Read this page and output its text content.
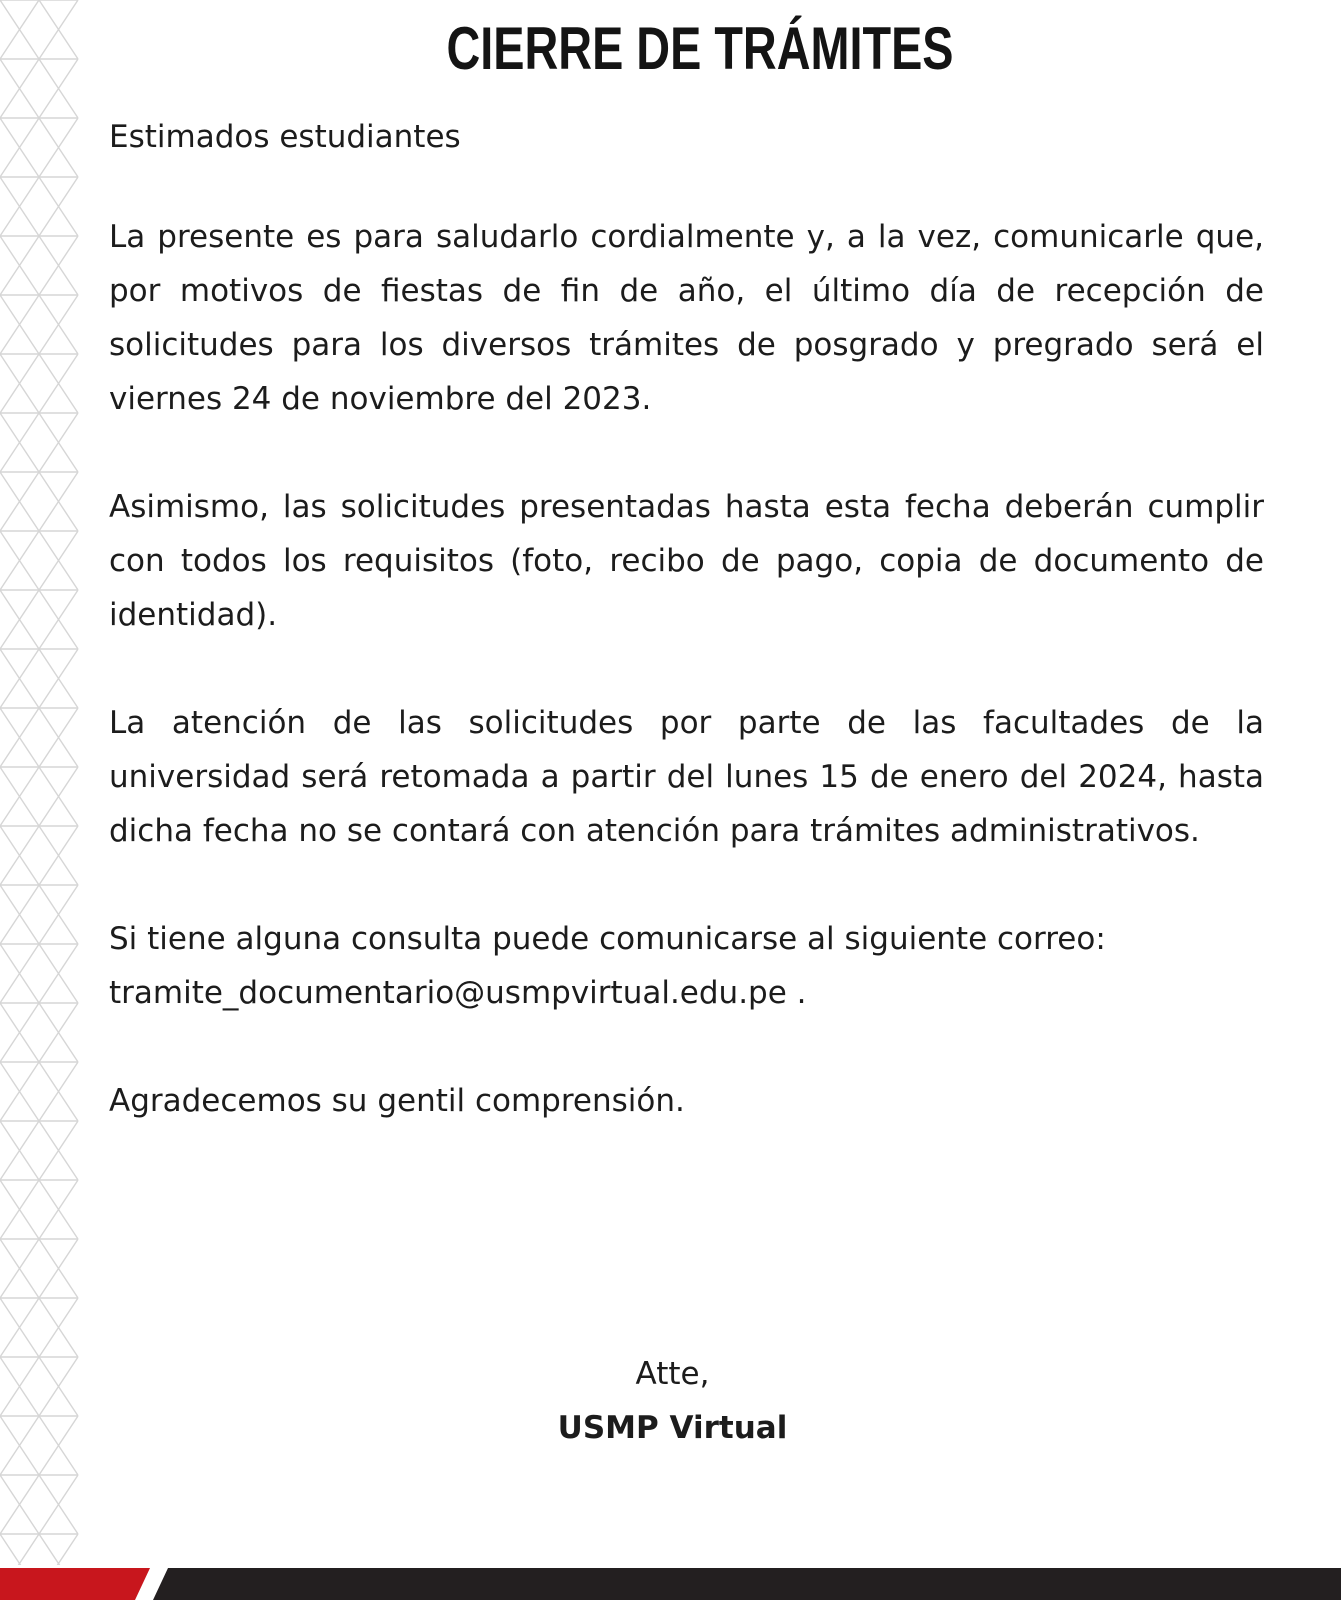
CIERRE DE TRÁMITES

Estimados estudiantes

La presente es para saludarlo cordialmente y, a la vez, comunicarle que, por motivos de fiestas de fin de año, el último día de recepción de solicitudes para los diversos trámites de posgrado y pregrado será el viernes 24 de noviembre del 2023.

Asimismo, las solicitudes presentadas hasta esta fecha deberán cumplir con todos los requisitos (foto, recibo de pago, copia de documento de identidad).

La atención de las solicitudes por parte de las facultades de la universidad será retomada a partir del lunes 15 de enero del 2024, hasta dicha fecha no se contará con atención para trámites administrativos.

Si tiene alguna consulta puede comunicarse al siguiente correo: tramite_documentario@usmpvirtual.edu.pe .

Agradecemos su gentil comprensión.

Atte,
USMP Virtual
